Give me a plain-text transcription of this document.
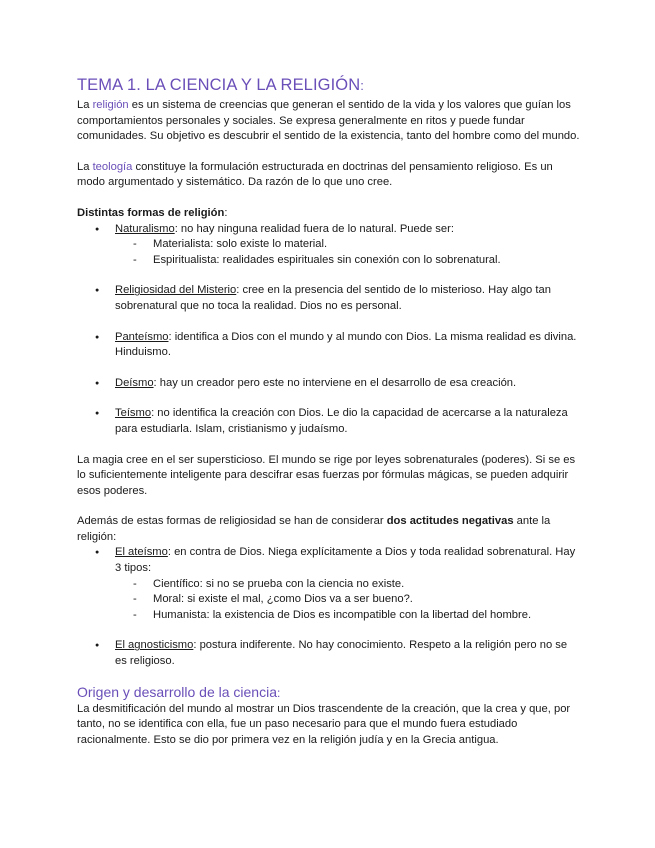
TEMA 1. LA CIENCIA Y LA RELIGIÓN:

La religión es un sistema de creencias que generan el sentido de la vida y los valores que guían los comportamientos personales y sociales. Se expresa generalmente en ritos y puede fundar comunidades. Su objetivo es descubrir el sentido de la existencia, tanto del hombre como del mundo.

La teología constituye la formulación estructurada en doctrinas del pensamiento religioso. Es un modo argumentado y sistemático. Da razón de lo que uno cree.

Distintas formas de religión:

● Naturalismo: no hay ninguna realidad fuera de lo natural. Puede ser:
- Materialista: solo existe lo material.
- Espiritualista: realidades espirituales sin conexión con lo sobrenatural.
● Religiosidad del Misterio: cree en la presencia del sentido de lo misterioso. Hay algo tan sobrenatural que no toca la realidad. Dios no es personal.
● Panteísmo: identifica a Dios con el mundo y al mundo con Dios. La misma realidad es divina. Hinduismo.
● Deísmo: hay un creador pero este no interviene en el desarrollo de esa creación.
● Teísmo: no identifica la creación con Dios. Le dio la capacidad de acercarse a la naturaleza para estudiarla. Islam, cristianismo y judaísmo.

La magia cree en el ser supersticioso. El mundo se rige por leyes sobrenaturales (poderes). Si se es lo suficientemente inteligente para descifrar esas fuerzas por fórmulas mágicas, se pueden adquirir esos poderes.

Además de estas formas de religiosidad se han de considerar dos actitudes negativas ante la religión:

● El ateísmo: en contra de Dios. Niega explícitamente a Dios y toda realidad sobrenatural. Hay 3 tipos:
- Científico: si no se prueba con la ciencia no existe.
- Moral: si existe el mal, ¿como Dios va a ser bueno?.
- Humanista: la existencia de Dios es incompatible con la libertad del hombre.
● El agnosticismo: postura indiferente. No hay conocimiento. Respeto a la religión pero no se es religioso.
Origen y desarrollo de la ciencia:

La desmitificación del mundo al mostrar un Dios trascendente de la creación, que la crea y que, por tanto, no se identifica con ella, fue un paso necesario para que el mundo fuera estudiado racionalmente. Esto se dio por primera vez en la religión judía y en la Grecia antigua.
